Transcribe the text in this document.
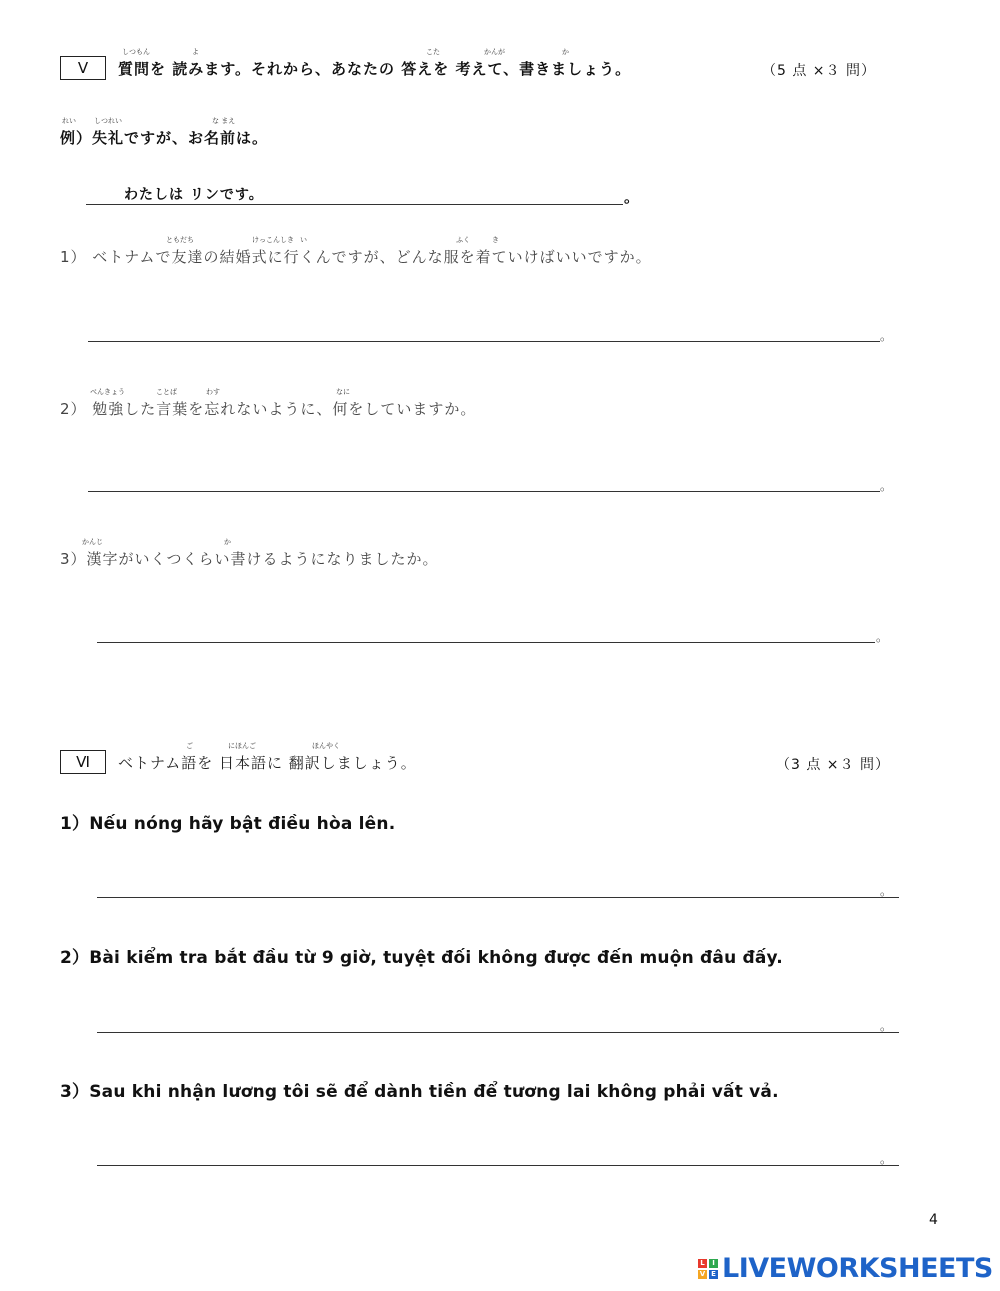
Ⅴ
しつもん	よ	こた	かんが	か
質問を 読みます。それから、あなたの 答えを 考えて、書きましょう。	（5 点 ×３ 問）
れい	しつれい	な まえ
例）失礼ですが、お名前は。
わたしは リンです。	。
ともだち	けっこんしき い	ふく	き
1） ベトナムで友達の結婚式に行くんですが、どんな服を着ていけばいいですか。
。
べんきょう	ことば	わす	なに
2） 勉強した言葉を忘れないように、何をしていますか。
。
かんじ	か
3）漢字がいくつくらい書けるようになりましたか。
。
Ⅵ
ご	にほんご	ほんやく
ベトナム語を 日本語に 翻訳しましょう。	（3 点 ×３ 問）
1）Nếu nóng hãy bật điều hòa lên.
。
2）Bài kiểm tra bắt đầu từ 9 giờ, tuyệt đối không được đến muộn đâu đấy.
。
3）Sau khi nhận lương tôi sẽ để dành tiền để tương lai không phải vất vả.
。
4
L	I
V E LIVEWORKSHEETS
